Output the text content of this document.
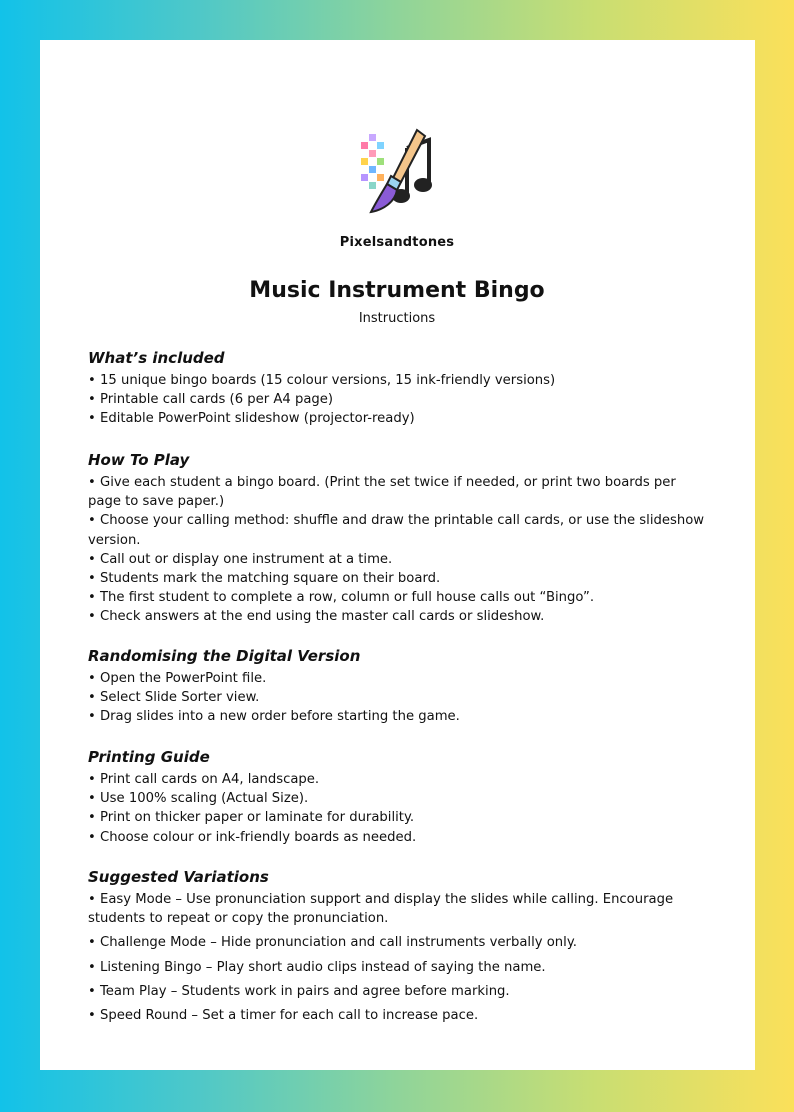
Pixelsandtones
Music Instrument Bingo
Instructions
What’s included
• 15 unique bingo boards (15 colour versions, 15 ink-friendly versions)
• Printable call cards (6 per A4 page)
• Editable PowerPoint slideshow (projector-ready)
How To Play
• Give each student a bingo board. (Print the set twice if needed, or print two boards per page to save paper.)
• Choose your calling method: shuffle and draw the printable call cards, or use the slideshow version.
• Call out or display one instrument at a time.
• Students mark the matching square on their board.
• The first student to complete a row, column or full house calls out “Bingo”.
• Check answers at the end using the master call cards or slideshow.
Randomising the Digital Version
• Open the PowerPoint file.
• Select Slide Sorter view.
• Drag slides into a new order before starting the game.
Printing Guide
• Print call cards on A4, landscape.
• Use 100% scaling (Actual Size).
• Print on thicker paper or laminate for durability.
• Choose colour or ink-friendly boards as needed.
Suggested Variations
• Easy Mode – Use pronunciation support and display the slides while calling. Encourage students to repeat or copy the pronunciation.
• Challenge Mode – Hide pronunciation and call instruments verbally only.
• Listening Bingo – Play short audio clips instead of saying the name.
• Team Play – Students work in pairs and agree before marking.
• Speed Round – Set a timer for each call to increase pace.
